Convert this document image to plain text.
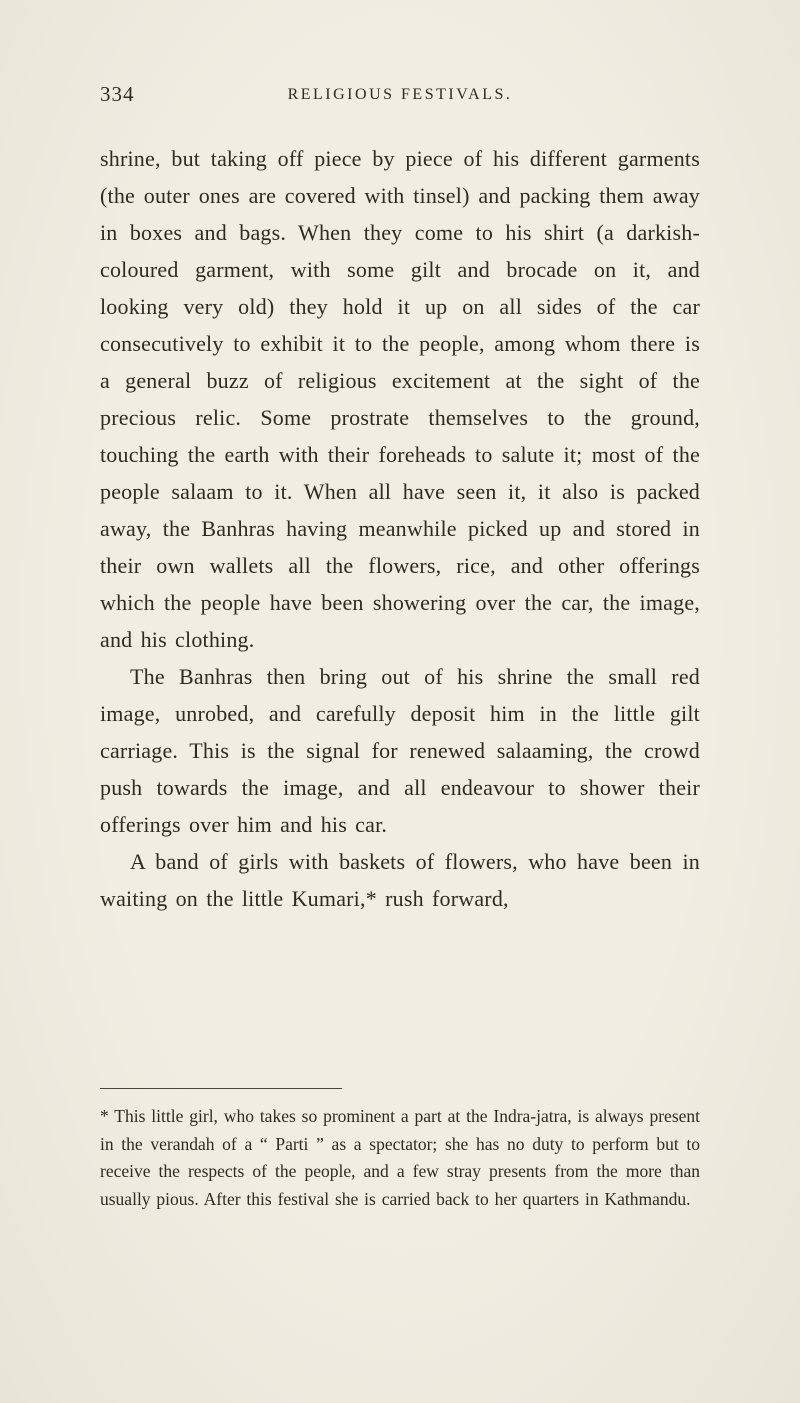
334	RELIGIOUS FESTIVALS.

shrine, but taking off piece by piece of his different garments (the outer ones are covered with tinsel) and packing them away in boxes and bags. When they come to his shirt (a darkish-coloured garment, with some gilt and brocade on it, and looking very old) they hold it up on all sides of the car consecutively to exhibit it to the people, among whom there is a general buzz of religious excitement at the sight of the precious relic. Some prostrate themselves to the ground, touching the earth with their foreheads to salute it; most of the people salaam to it. When all have seen it, it also is packed away, the Banhras having meanwhile picked up and stored in their own wallets all the flowers, rice, and other offerings which the people have been showering over the car, the image, and his clothing.

The Banhras then bring out of his shrine the small red image, unrobed, and carefully deposit him in the little gilt carriage. This is the signal for renewed salaaming, the crowd push towards the image, and all endeavour to shower their offerings over him and his car.

A band of girls with baskets of flowers, who have been in waiting on the little Kumari,* rush forward,

* This little girl, who takes so prominent a part at the Indra-jatra, is always present in the verandah of a “ Parti ” as a spectator; she has no duty to perform but to receive the respects of the people, and a few stray presents from the more than usually pious. After this festival she is carried back to her quarters in Kathmandu.
